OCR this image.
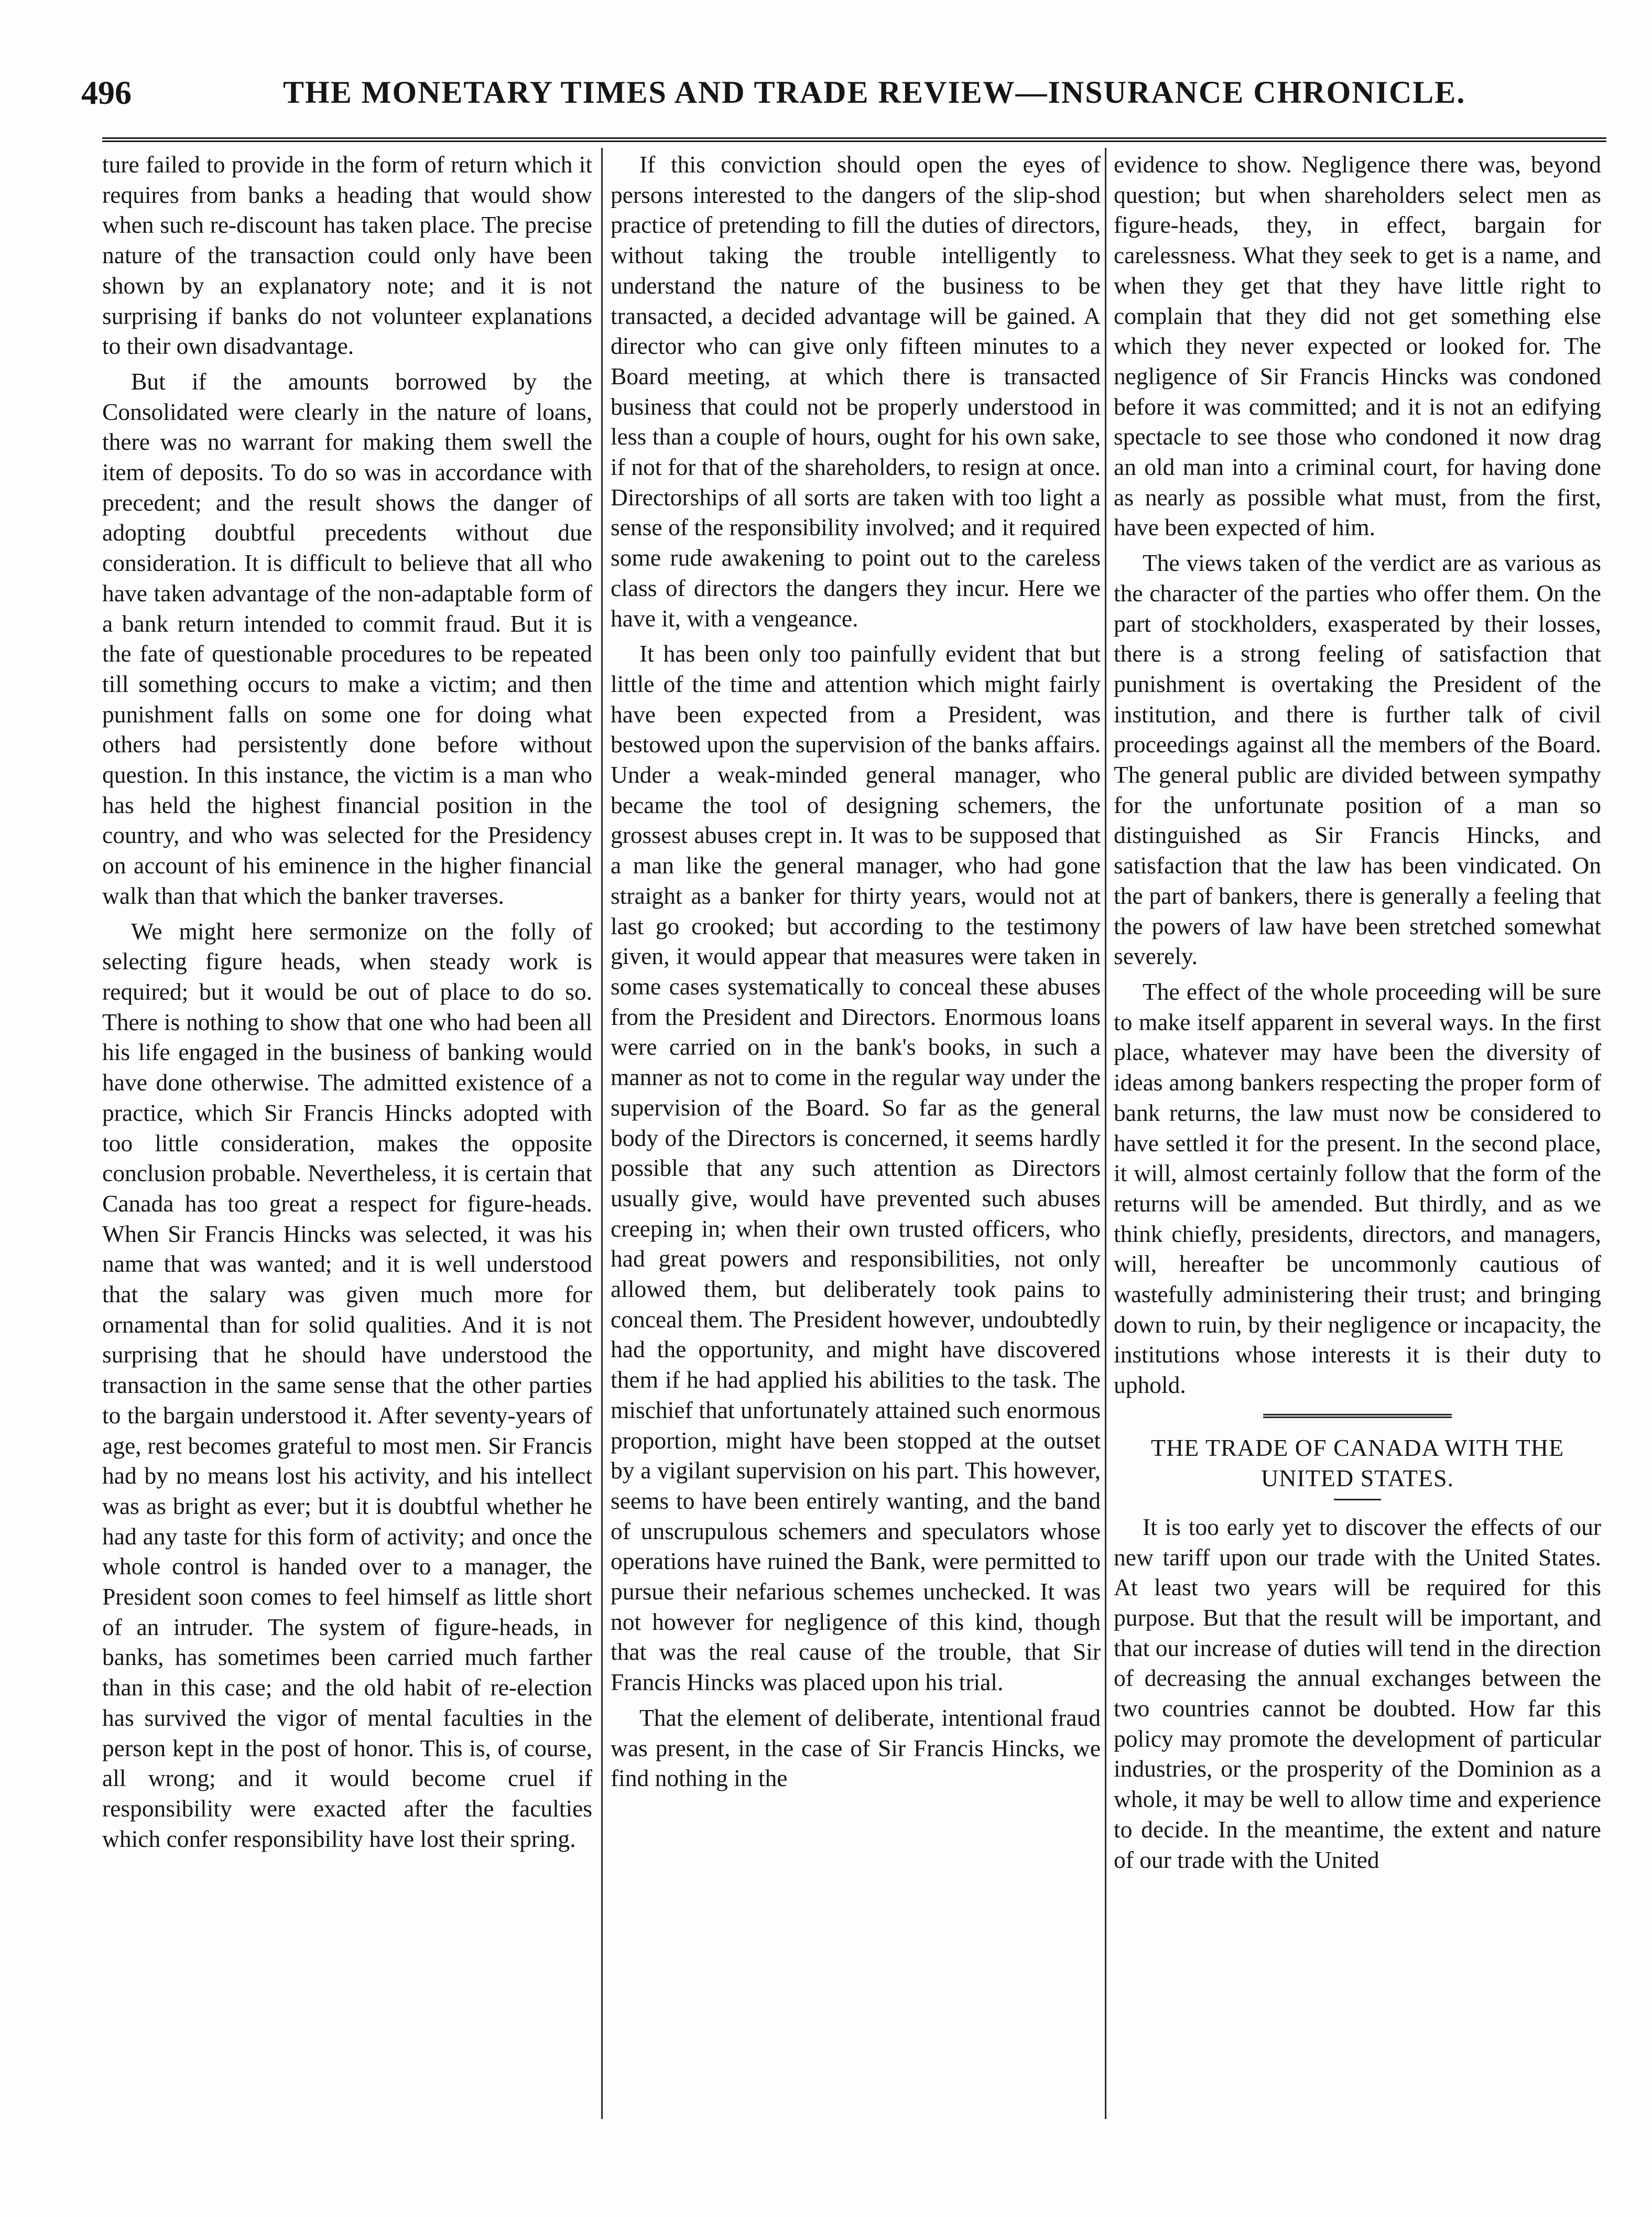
496	THE MONETARY TIMES AND TRADE REVIEW—INSURANCE CHRONICLE.

ture failed to provide in the form of return which it requires from banks a heading that would show when such re-discount has taken place. The precise nature of the transaction could only have been shown by an explanatory note; and it is not surprising if banks do not volunteer explanations to their own disadvantage.

But if the amounts borrowed by the Consolidated were clearly in the nature of loans, there was no warrant for making them swell the item of deposits. To do so was in accordance with precedent; and the result shows the danger of adopting doubtful precedents without due consideration. It is difficult to believe that all who have taken advantage of the non-adaptable form of a bank return intended to commit fraud. But it is the fate of questionable procedures to be repeated till something occurs to make a victim; and then punishment falls on some one for doing what others had persistently done before without question. In this instance, the victim is a man who has held the highest financial position in the country, and who was selected for the Presidency on account of his eminence in the higher financial walk than that which the banker traverses.

We might here sermonize on the folly of selecting figure heads, when steady work is required; but it would be out of place to do so. There is nothing to show that one who had been all his life engaged in the business of banking would have done otherwise. The admitted existence of a practice, which Sir Francis Hincks adopted with too little consideration, makes the opposite conclusion probable. Nevertheless, it is certain that Canada has too great a respect for figure-heads. When Sir Francis Hincks was selected, it was his name that was wanted; and it is well understood that the salary was given much more for ornamental than for solid qualities. And it is not surprising that he should have understood the transaction in the same sense that the other parties to the bargain understood it. After seventy-years of age, rest becomes grateful to most men. Sir Francis had by no means lost his activity, and his intellect was as bright as ever; but it is doubtful whether he had any taste for this form of activity; and once the whole control is handed over to a manager, the President soon comes to feel himself as little short of an intruder. The system of figure-heads, in banks, has sometimes been carried much farther than in this case; and the old habit of re-election has survived the vigor of mental faculties in the person kept in the post of honor. This is, of course, all wrong; and it would become cruel if responsibility were exacted after the faculties which confer responsibility have lost their spring.

If this conviction should open the eyes of persons interested to the dangers of the slip-shod practice of pretending to fill the duties of directors, without taking the trouble intelligently to understand the nature of the business to be transacted, a decided advantage will be gained. A director who can give only fifteen minutes to a Board meeting, at which there is transacted business that could not be properly understood in less than a couple of hours, ought for his own sake, if not for that of the shareholders, to resign at once. Directorships of all sorts are taken with too light a sense of the responsibility involved; and it required some rude awakening to point out to the careless class of directors the dangers they incur. Here we have it, with a vengeance.

It has been only too painfully evident that but little of the time and attention which might fairly have been expected from a President, was bestowed upon the supervision of the banks affairs. Under a weak-minded general manager, who became the tool of designing schemers, the grossest abuses crept in. It was to be supposed that a man like the general manager, who had gone straight as a banker for thirty years, would not at last go crooked; but according to the testimony given, it would appear that measures were taken in some cases systematically to conceal these abuses from the President and Directors. Enormous loans were carried on in the bank's books, in such a manner as not to come in the regular way under the supervision of the Board. So far as the general body of the Directors is concerned, it seems hardly possible that any such attention as Directors usually give, would have prevented such abuses creeping in; when their own trusted officers, who had great powers and responsibilities, not only allowed them, but deliberately took pains to conceal them. The President however, undoubtedly had the opportunity, and might have discovered them if he had applied his abilities to the task. The mischief that unfortunately attained such enormous proportion, might have been stopped at the outset by a vigilant supervision on his part. This however, seems to have been entirely wanting, and the band of unscrupulous schemers and speculators whose operations have ruined the Bank, were permitted to pursue their nefarious schemes unchecked. It was not however for negligence of this kind, though that was the real cause of the trouble, that Sir Francis Hincks was placed upon his trial.

That the element of deliberate, intentional fraud was present, in the case of Sir Francis Hincks, we find nothing in the

evidence to show. Negligence there was, beyond question; but when shareholders select men as figure-heads, they, in effect, bargain for carelessness. What they seek to get is a name, and when they get that they have little right to complain that they did not get something else which they never expected or looked for. The negligence of Sir Francis Hincks was condoned before it was committed; and it is not an edifying spectacle to see those who condoned it now drag an old man into a criminal court, for having done as nearly as possible what must, from the first, have been expected of him.

The views taken of the verdict are as various as the character of the parties who offer them. On the part of stockholders, exasperated by their losses, there is a strong feeling of satisfaction that punishment is overtaking the President of the institution, and there is further talk of civil proceedings against all the members of the Board. The general public are divided between sympathy for the unfortunate position of a man so distinguished as Sir Francis Hincks, and satisfaction that the law has been vindicated. On the part of bankers, there is generally a feeling that the powers of law have been stretched somewhat severely.

The effect of the whole proceeding will be sure to make itself apparent in several ways. In the first place, whatever may have been the diversity of ideas among bankers respecting the proper form of bank returns, the law must now be considered to have settled it for the present. In the second place, it will, almost certainly follow that the form of the returns will be amended. But thirdly, and as we think chiefly, presidents, directors, and managers, will, hereafter be uncommonly cautious of wastefully administering their trust; and bringing down to ruin, by their negligence or incapacity, the institutions whose interests it is their duty to uphold.

THE TRADE OF CANADA WITH THE UNITED STATES.

It is too early yet to discover the effects of our new tariff upon our trade with the United States. At least two years will be required for this purpose. But that the result will be important, and that our increase of duties will tend in the direction of decreasing the annual exchanges between the two countries cannot be doubted. How far this policy may promote the development of particular industries, or the prosperity of the Dominion as a whole, it may be well to allow time and experience to decide. In the meantime, the extent and nature of our trade with the United
